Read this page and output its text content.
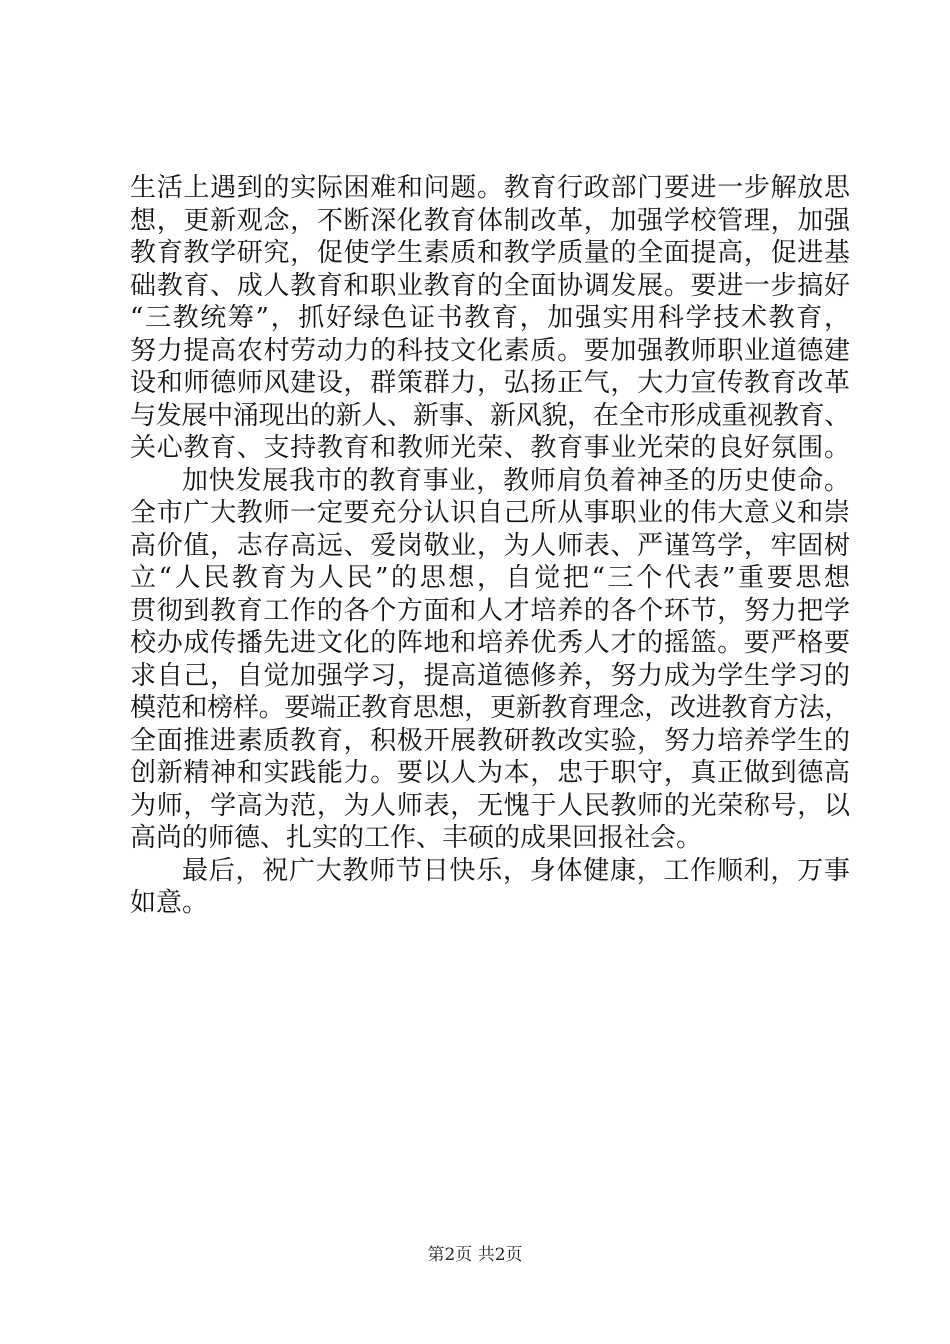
生活上遇到的实际困难和问题。教育行政部门要进一步解放思
想，更新观念，不断深化教育体制改革，加强学校管理，加强
教育教学研究，促使学生素质和教学质量的全面提高，促进基
础教育、成人教育和职业教育的全面协调发展。要进一步搞好
“三教统筹”，抓好绿色证书教育，加强实用科学技术教育，
努力提高农村劳动力的科技文化素质。要加强教师职业道德建
设和师德师风建设，群策群力，弘扬正气，大力宣传教育改革
与发展中涌现出的新人、新事、新风貌，在全市形成重视教育、
关心教育、支持教育和教师光荣、教育事业光荣的良好氛围。
加快发展我市的教育事业，教师肩负着神圣的历史使命。
全市广大教师一定要充分认识自己所从事职业的伟大意义和崇
高价值，志存高远、爱岗敬业，为人师表、严谨笃学，牢固树
立“人民教育为人民”的思想，自觉把“三个代表”重要思想
贯彻到教育工作的各个方面和人才培养的各个环节，努力把学
校办成传播先进文化的阵地和培养优秀人才的摇篮。要严格要
求自己，自觉加强学习，提高道德修养，努力成为学生学习的
模范和榜样。要端正教育思想，更新教育理念，改进教育方法，
全面推进素质教育，积极开展教研教改实验，努力培养学生的
创新精神和实践能力。要以人为本，忠于职守，真正做到德高
为师，学高为范，为人师表，无愧于人民教师的光荣称号，以
高尚的师德、扎实的工作、丰硕的成果回报社会。
最后，祝广大教师节日快乐，身体健康，工作顺利，万事
如意。
第2页 共2页
